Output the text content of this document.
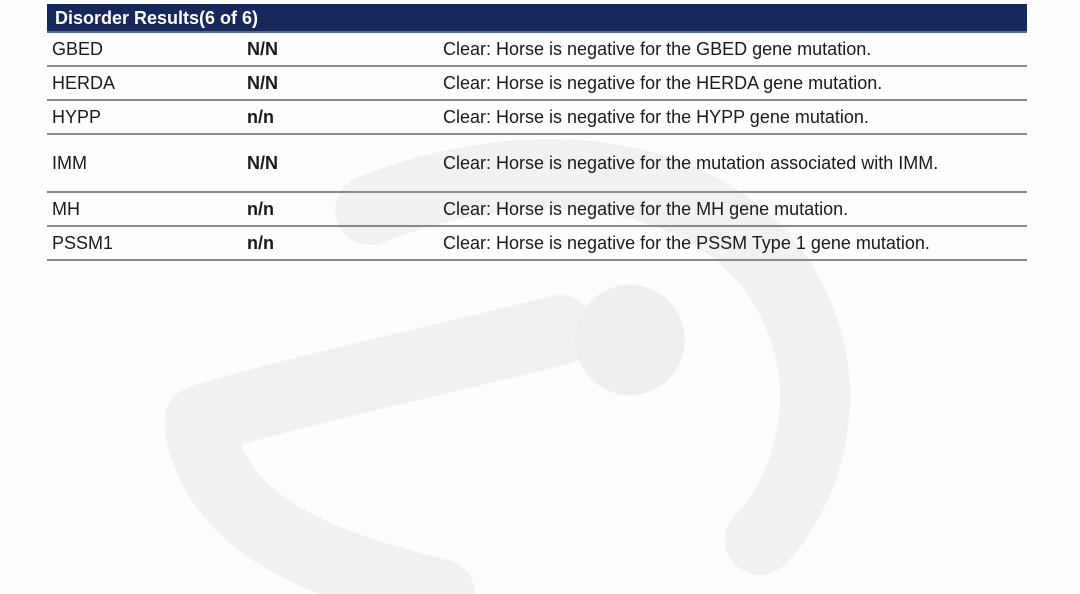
Disorder Results(6 of 6)
GBED	N/N	Clear: Horse is negative for the GBED gene mutation.
HERDA	N/N	Clear: Horse is negative for the HERDA gene mutation.
HYPP	n/n	Clear: Horse is negative for the HYPP gene mutation.
IMM	N/N	Clear: Horse is negative for the mutation associated with IMM.
MH	n/n	Clear: Horse is negative for the MH gene mutation.
PSSM1	n/n	Clear: Horse is negative for the PSSM Type 1 gene mutation.
